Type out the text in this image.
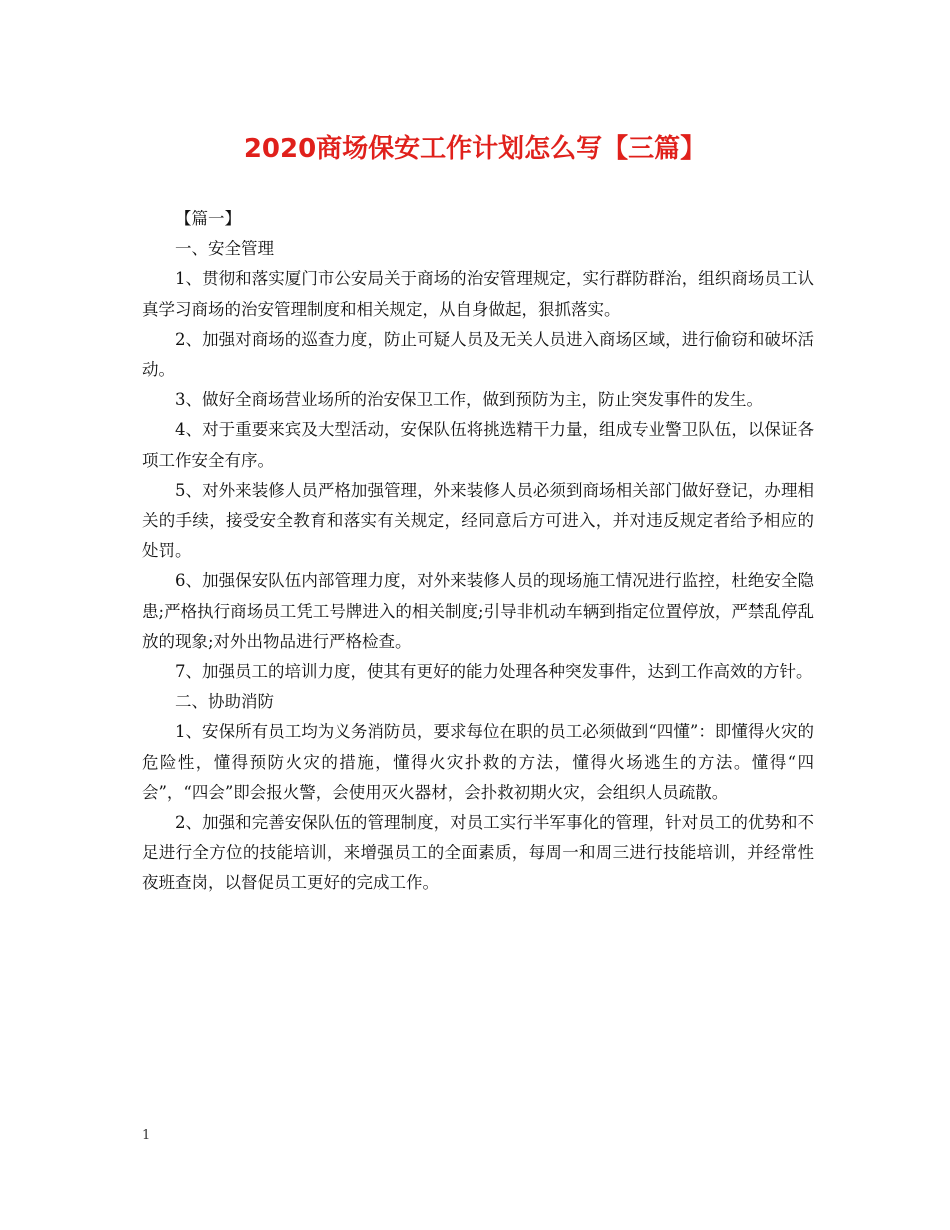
2020商场保安工作计划怎么写【三篇】

【篇一】

一、安全管理

1、贯彻和落实厦门市公安局关于商场的治安管理规定，实行群防群治，组织商场员工认真学习商场的治安管理制度和相关规定，从自身做起，狠抓落实。

2、加强对商场的巡查力度，防止可疑人员及无关人员进入商场区域，进行偷窃和破坏活动。

3、做好全商场营业场所的治安保卫工作，做到预防为主，防止突发事件的发生。

4、对于重要来宾及大型活动，安保队伍将挑选精干力量，组成专业警卫队伍，以保证各项工作安全有序。

5、对外来装修人员严格加强管理，外来装修人员必须到商场相关部门做好登记，办理相关的手续，接受安全教育和落实有关规定，经同意后方可进入，并对违反规定者给予相应的处罚。

6、加强保安队伍内部管理力度，对外来装修人员的现场施工情况进行监控，杜绝安全隐患;严格执行商场员工凭工号牌进入的相关制度;引导非机动车辆到指定位置停放，严禁乱停乱放的现象;对外出物品进行严格检查。

7、加强员工的培训力度，使其有更好的能力处理各种突发事件，达到工作高效的方针。

二、协助消防

1、安保所有员工均为义务消防员，要求每位在职的员工必须做到“四懂”：即懂得火灾的危险性，懂得预防火灾的措施，懂得火灾扑救的方法，懂得火场逃生的方法。懂得“四会”，“四会”即会报火警，会使用灭火器材，会扑救初期火灾，会组织人员疏散。

2、加强和完善安保队伍的管理制度，对员工实行半军事化的管理，针对员工的优势和不足进行全方位的技能培训，来增强员工的全面素质，每周一和周三进行技能培训，并经常性夜班查岗，以督促员工更好的完成工作。

1
